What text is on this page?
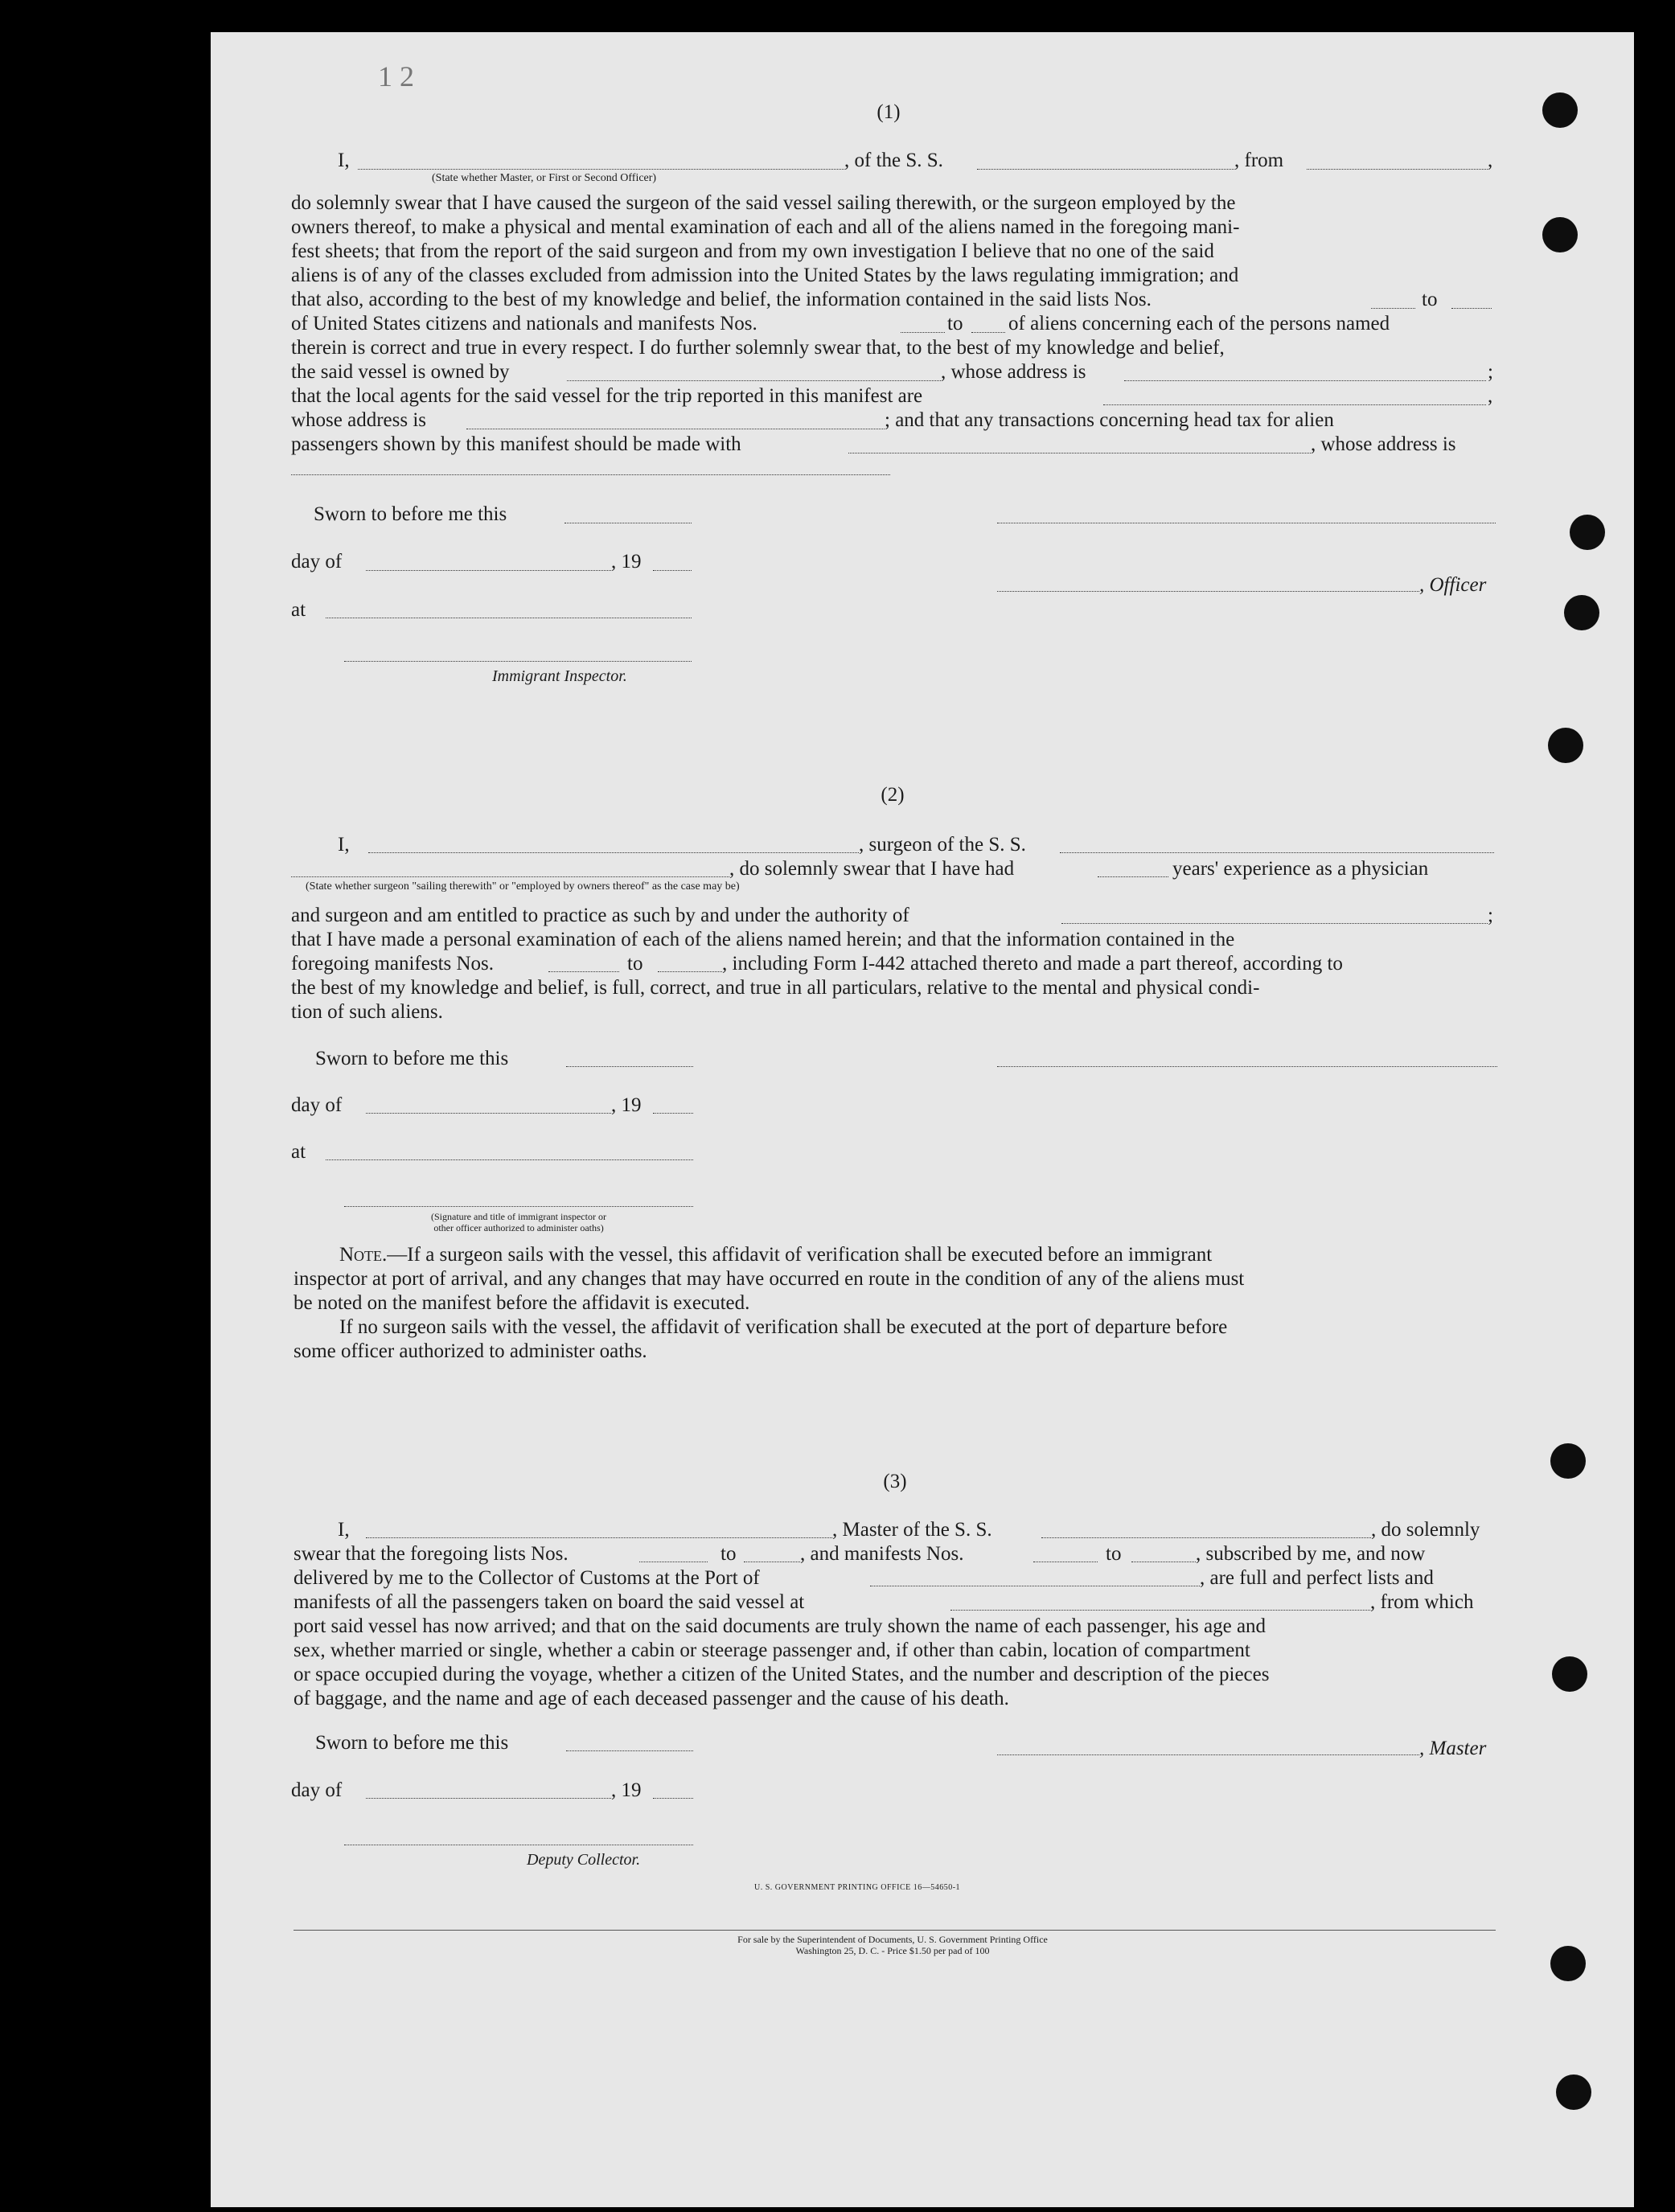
1 2
(1)
I,	, of the S. S.	, from	,
(State whether Master, or First or Second Officer)
do solemnly swear that I have caused the surgeon of the said vessel sailing therewith, or the surgeon employed by the
owners thereof, to make a physical and mental examination of each and all of the aliens named in the foregoing mani-
fest sheets; that from the report of the said surgeon and from my own investigation I believe that no one of the said
aliens is of any of the classes excluded from admission into the United States by the laws regulating immigration; and
that also, according to the best of my knowledge and belief, the information contained in the said lists Nos.	to
of United States citizens and nationals and manifests Nos.	to of aliens concerning each of the persons named
therein is correct and true in every respect. I do further solemnly swear that, to the best of my knowledge and belief,
the said vessel is owned by	, whose address is	;
that the local agents for the said vessel for the trip reported in this manifest are	,
whose address is	; and that any transactions concerning head tax for alien
passengers shown by this manifest should be made with	, whose address is
Sworn to before me this
day of	, 19
, Officer
at
Immigrant Inspector.
(2)
I,	, surgeon of the S. S.
, do solemnly swear that I have had	years' experience as a physician
(State whether surgeon "sailing therewith" or "employed by owners thereof" as the case may be)
and surgeon and am entitled to practice as such by and under the authority of	;
that I have made a personal examination of each of the aliens named herein; and that the information contained in the
foregoing manifests Nos.	to	, including Form I-442 attached thereto and made a part thereof, according to
the best of my knowledge and belief, is full, correct, and true in all particulars, relative to the mental and physical condi-
tion of such aliens.
Sworn to before me this
day of	, 19
at
(Signature and title of immigrant inspector or
other officer authorized to administer oaths)
Note.—If a surgeon sails with the vessel, this affidavit of verification shall be executed before an immigrant
inspector at port of arrival, and any changes that may have occurred en route in the condition of any of the aliens must
be noted on the manifest before the affidavit is executed.
If no surgeon sails with the vessel, the affidavit of verification shall be executed at the port of departure before
some officer authorized to administer oaths.
(3)
I,	, Master of the S. S.	, do solemnly
swear that the foregoing lists Nos.	to	, and manifests Nos.	to	, subscribed by me, and now
delivered by me to the Collector of Customs at the Port of	, are full and perfect lists and
manifests of all the passengers taken on board the said vessel at	, from which
port said vessel has now arrived; and that on the said documents are truly shown the name of each passenger, his age and
sex, whether married or single, whether a cabin or steerage passenger and, if other than cabin, location of compartment
or space occupied during the voyage, whether a citizen of the United States, and the number and description of the pieces
of baggage, and the name and age of each deceased passenger and the cause of his death.
Sworn to before me this	, Master
day of	, 19
Deputy Collector.
U. S. GOVERNMENT PRINTING OFFICE 16—54650-1
For sale by the Superintendent of Documents, U. S. Government Printing Office
Washington 25, D. C. - Price $1.50 per pad of 100
